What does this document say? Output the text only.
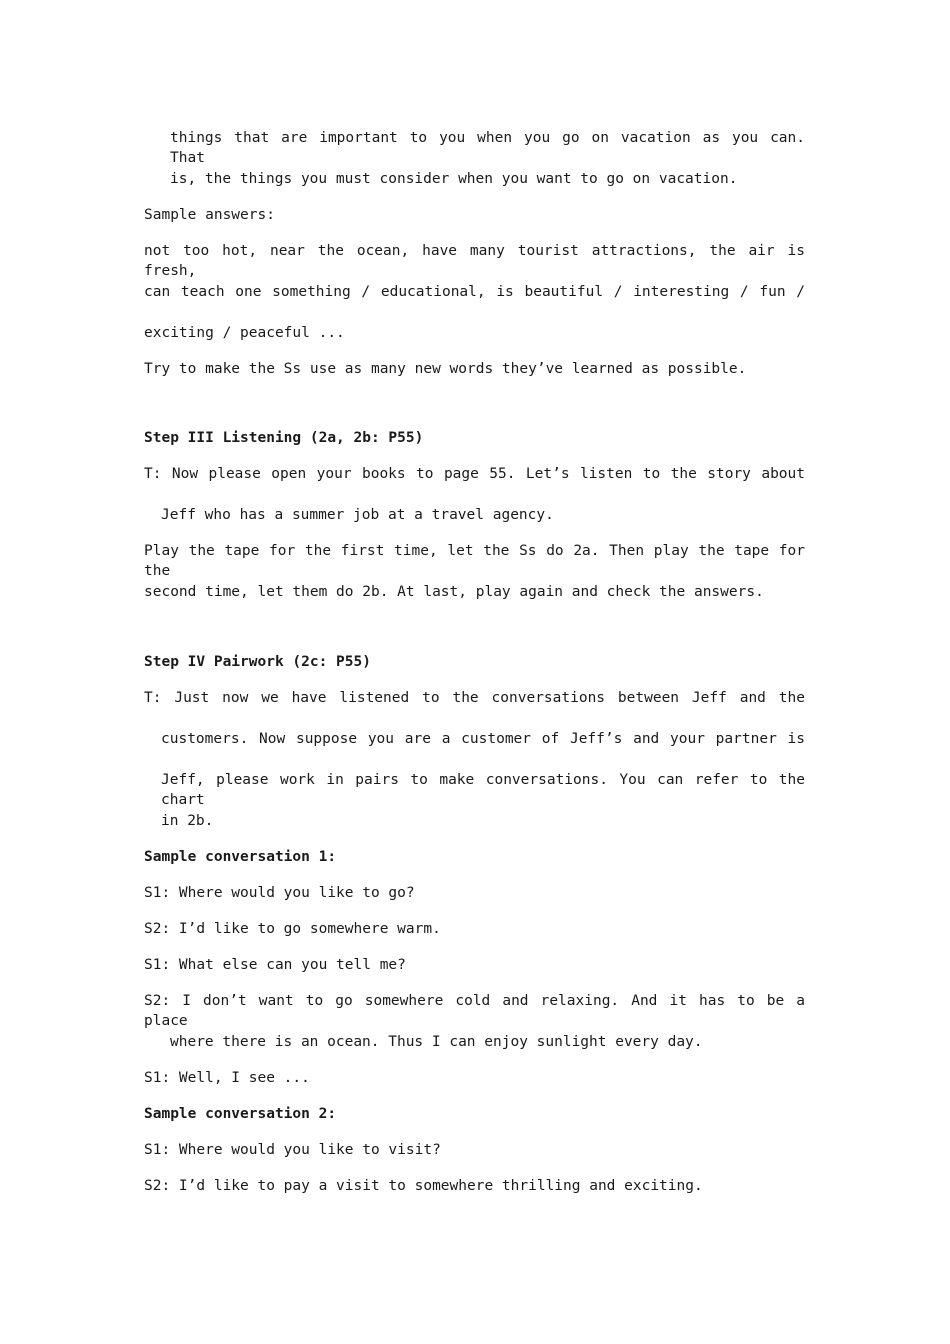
things that are important to you when you go on vacation as you can. That
is, the things you must consider when you want to go on vacation.
Sample answers:
not too hot, near the ocean, have many tourist attractions, the air is fresh,
can teach one something / educational, is beautiful / interesting / fun /
exciting / peaceful ...
Try to make the Ss use as many new words they’ve learned as possible.
Step III Listening (2a, 2b: P55)
T: Now please open your books to page 55. Let’s listen to the story about
Jeff who has a summer job at a travel agency.
Play the tape for the first time, let the Ss do 2a. Then play the tape for the
second time, let them do 2b. At last, play again and check the answers.
Step IV Pairwork (2c: P55)
T: Just now we have listened to the conversations between Jeff and the
customers. Now suppose you are a customer of Jeff’s and your partner is
Jeff, please work in pairs to make conversations. You can refer to the chart
in 2b.
Sample conversation 1:
S1: Where would you like to go?
S2: I’d like to go somewhere warm.
S1: What else can you tell me?
S2: I don’t want to go somewhere cold and relaxing. And it has to be a place
where there is an ocean. Thus I can enjoy sunlight every day.
S1: Well, I see ...
Sample conversation 2:
S1: Where would you like to visit?
S2: I’d like to pay a visit to somewhere thrilling and exciting.
